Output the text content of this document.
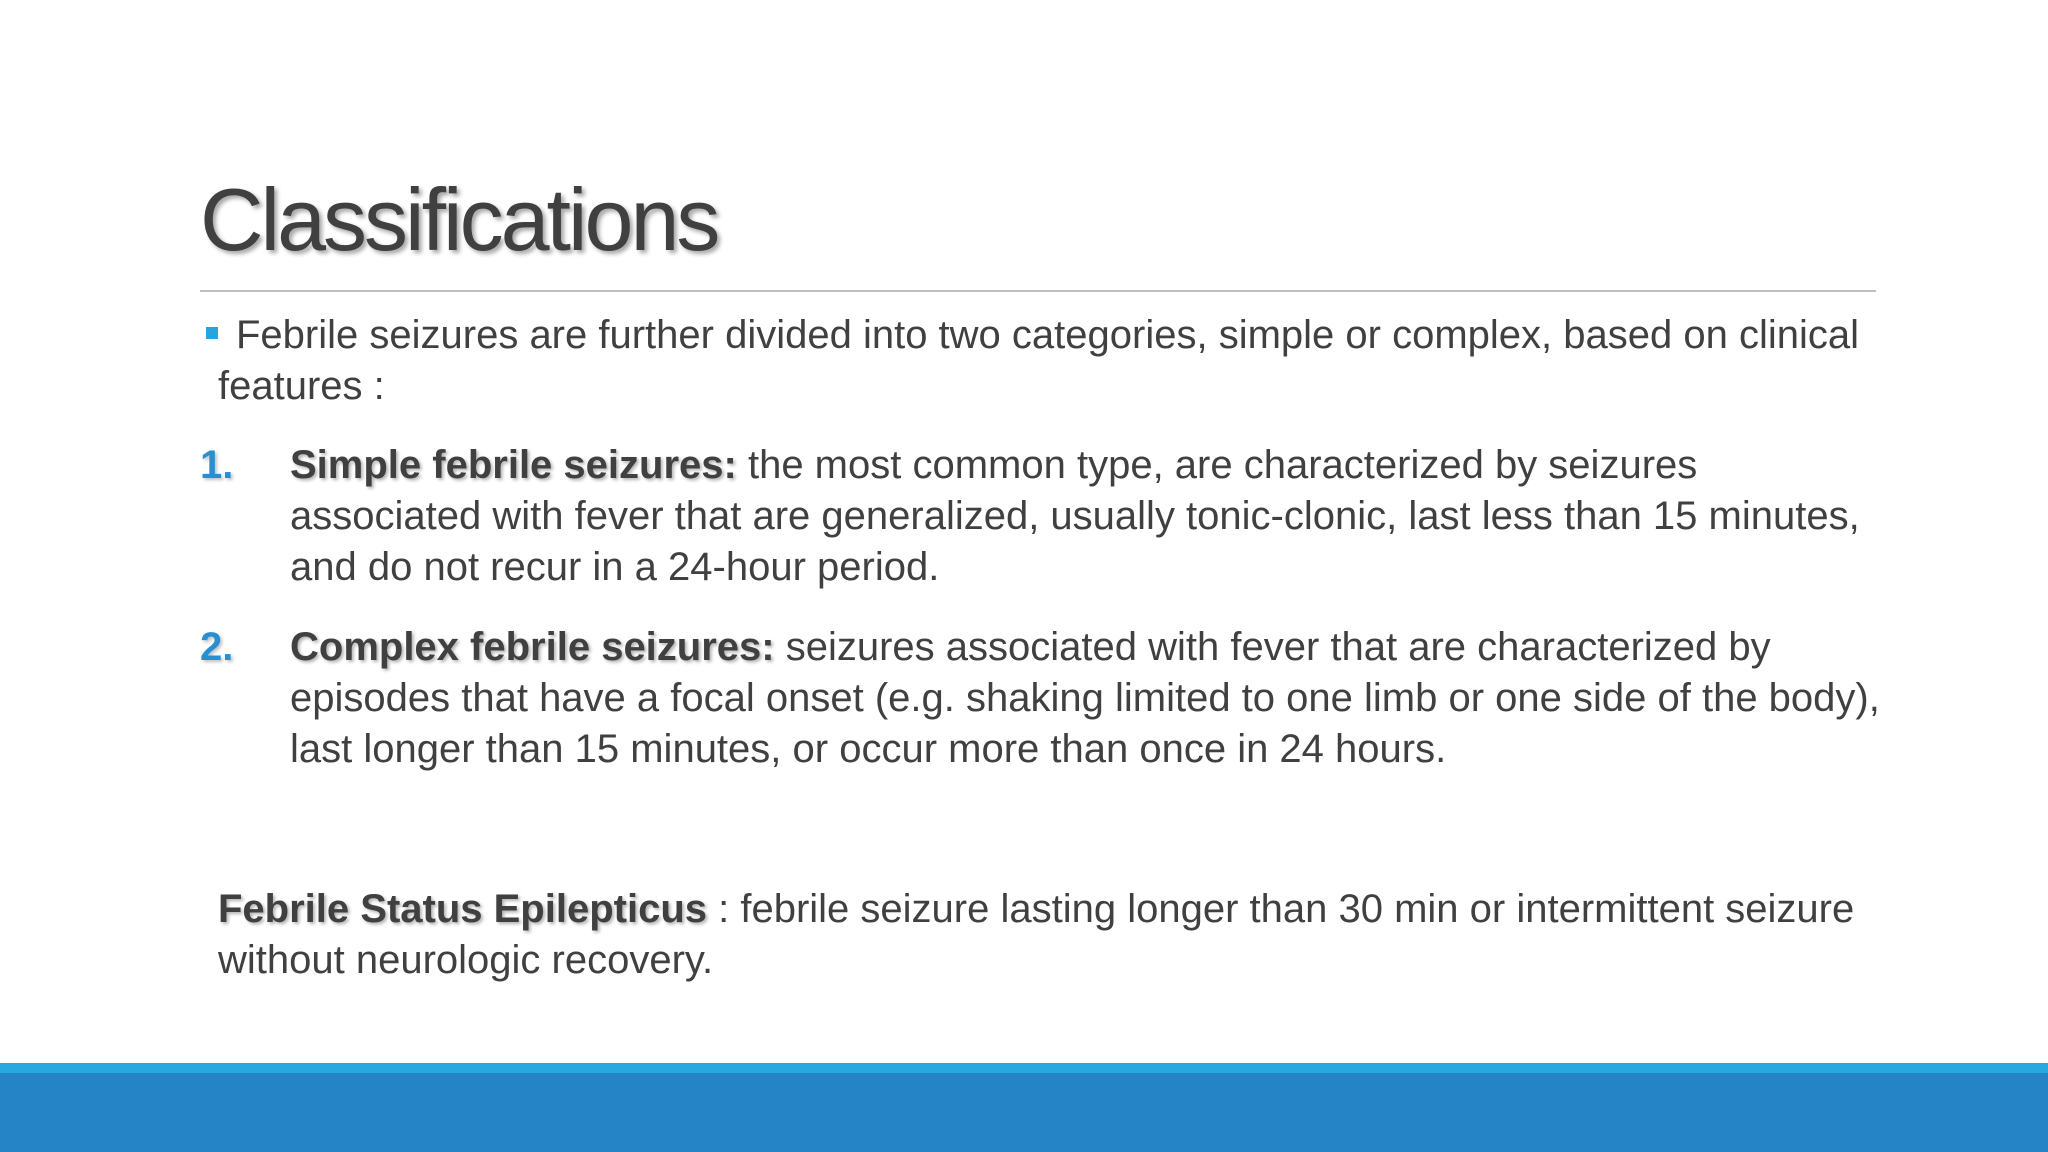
Classifications
Febrile seizures are further divided into two categories, simple or complex, based on clinical features :
1. Simple febrile seizures: the most common type, are characterized by seizures associated with fever that are generalized, usually tonic-clonic, last less than 15 minutes, and do not recur in a 24-hour period.
2. Complex febrile seizures: seizures associated with fever that are characterized by episodes that have a focal onset (e.g. shaking limited to one limb or one side of the body), last longer than 15 minutes, or occur more than once in 24 hours.
Febrile Status Epilepticus : febrile seizure lasting longer than 30 min or intermittent seizure without neurologic recovery.
